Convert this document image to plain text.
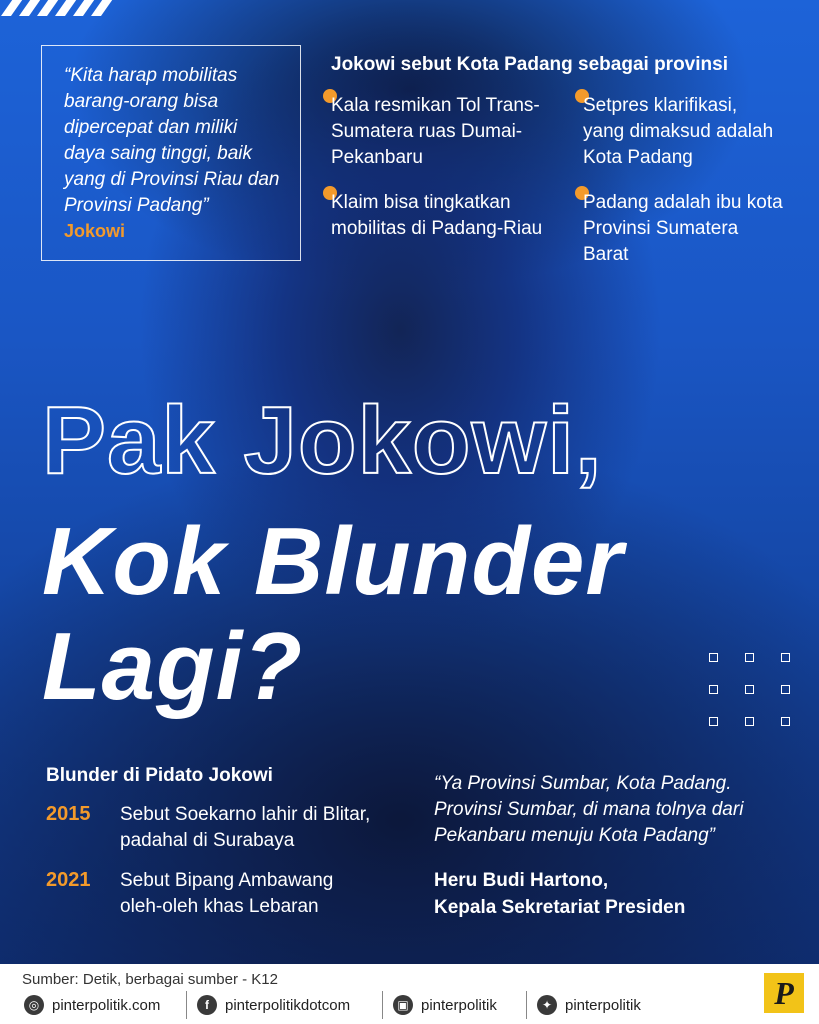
“Kita harap mobilitas barang-orang bisa dipercepat dan miliki daya saing tinggi, baik yang di Provinsi Riau dan Provinsi Padang”

Jokowi
Jokowi sebut Kota Padang sebagai provinsi
Kala resmikan Tol Trans-Sumatera ruas Dumai-Pekanbaru
Setpres klarifikasi, yang dimaksud adalah Kota Padang
Klaim bisa tingkatkan mobilitas di Padang-Riau
Padang adalah ibu kota Provinsi Sumatera Barat
Pak Jokowi,
Kok Blunder
Lagi?
Blunder di Pidato Jokowi
2015 Sebut Soekarno lahir di Blitar, padahal di Surabaya
2021 Sebut Bipang Ambawang oleh-oleh khas Lebaran
“Ya Provinsi Sumbar, Kota Padang. Provinsi Sumbar, di mana tolnya dari Pekanbaru menuju Kota Padang”
Heru Budi Hartono,
Kepala Sekretariat Presiden
Sumber: Detik, berbagai sumber - K12
◎ pinterpolitik.com	f	pinterpolitikdotcom	▣ pinterpolitik	✦ pinterpolitik	P
